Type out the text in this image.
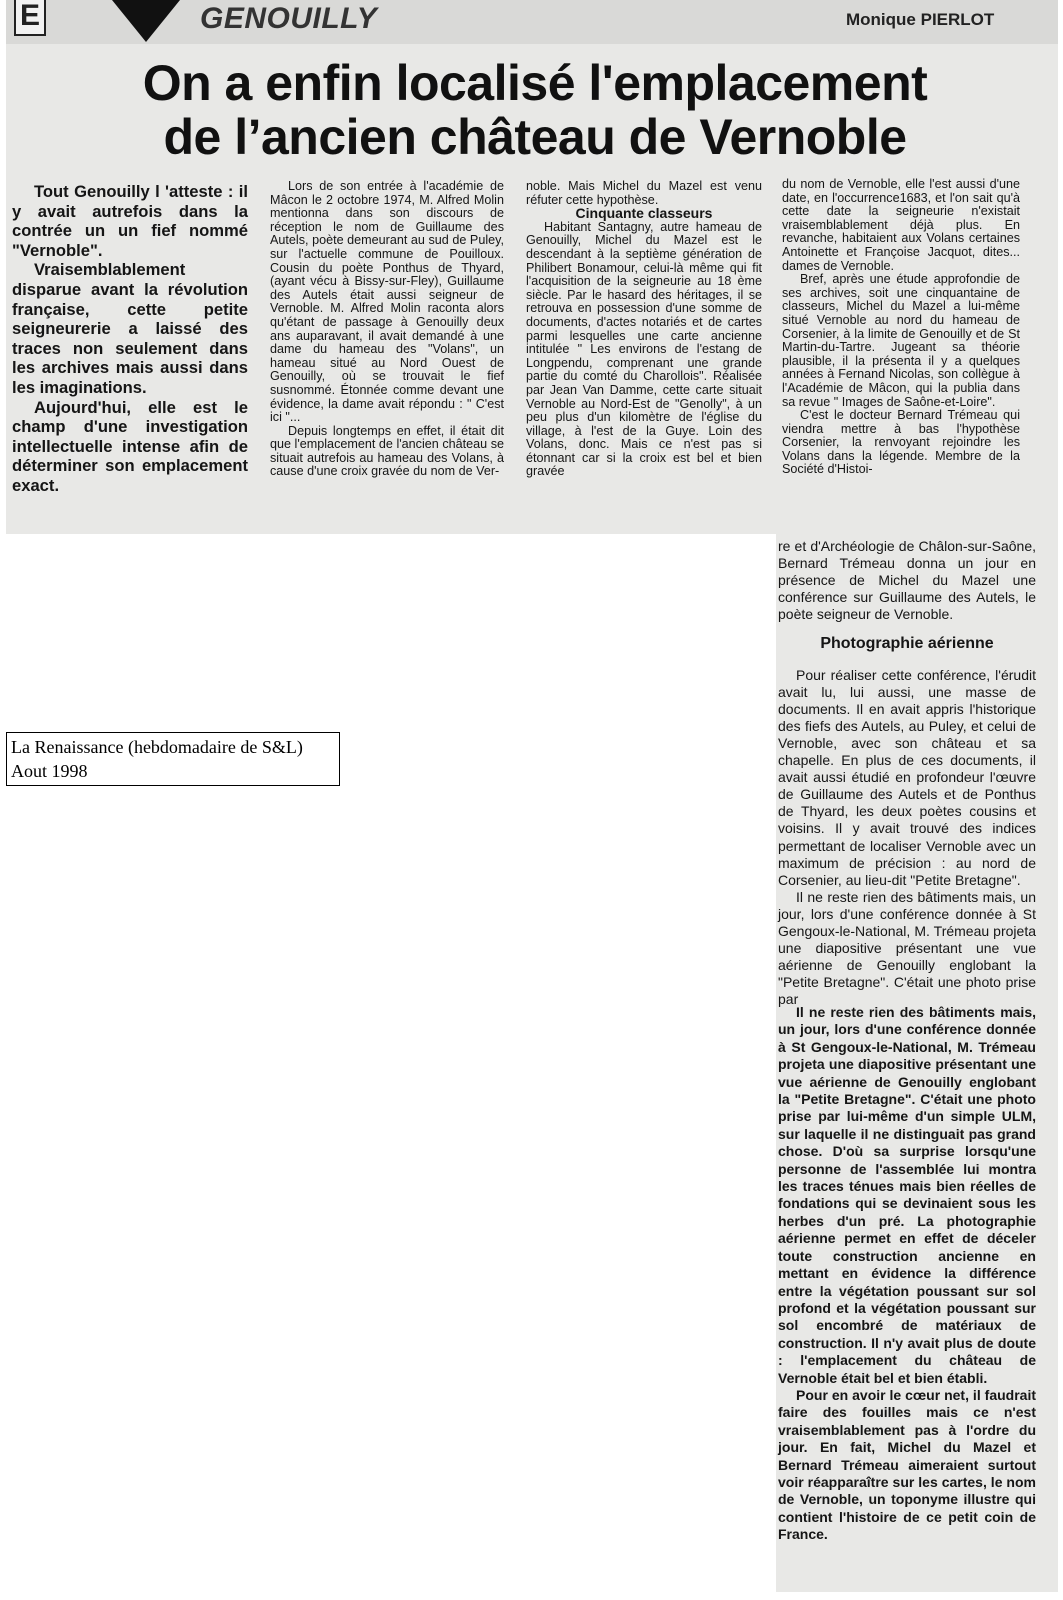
E	GENOUILLY	Monique PIERLOT
On a enfin localisé l'emplacement
de l’ancien château de Vernoble

Tout Genouilly l 'atteste : il y avait autrefois dans la contrée un un fief nommé "Vernoble".

Vraisemblablement disparue avant la révolution française, cette petite seigneurerie a laissé des traces non seulement dans les archives mais aussi dans les imaginations.

Aujourd'hui, elle est le champ d'une investigation intellectuelle intense afin de déterminer son emplacement exact.

Lors de son entrée à l'académie de Mâcon le 2 octobre 1974, M. Alfred Molin mentionna dans son discours de réception le nom de Guillaume des Autels, poète demeurant au sud de Puley, sur l'actuelle commune de Pouilloux. Cousin du poète Ponthus de Thyard, (ayant vécu à Bissy-sur-Fley), Guillaume des Autels était aussi seigneur de Vernoble. M. Alfred Molin raconta alors qu'étant de passage à Genouilly deux ans auparavant, il avait demandé à une dame du hameau des "Volans", un hameau situé au Nord Ouest de Genouilly, où se trouvait le fief susnommé. Étonnée comme devant une évidence, la dame avait répondu : " C'est ici "...

Depuis longtemps en effet, il était dit que l'emplacement de l'ancien château se situait autrefois au hameau des Volans, à cause d'une croix gravée du nom de Ver-

noble. Mais Michel du Mazel est venu réfuter cette hypothèse.

Cinquante classeurs

Habitant Santagny, autre hameau de Genouilly, Michel du Mazel est le descendant à la septième génération de Philibert Bonamour, celui-là même qui fit l'acquisition de la seigneurie au 18 ème siècle. Par le hasard des héritages, il se retrouva en possession d'une somme de documents, d'actes notariés et de cartes parmi lesquelles une carte ancienne intitulée " Les environs de l'estang de Longpendu, comprenant une grande partie du comté du Charollois". Réalisée par Jean Van Damme, cette carte situait Vernoble au Nord-Est de "Genolly", à un peu plus d'un kilomètre de l'église du village, à l'est de la Guye. Loin des Volans, donc. Mais ce n'est pas si étonnant car si la croix est bel et bien gravée

du nom de Vernoble, elle l'est aussi d'une date, en l'occurrence1683, et l'on sait qu'à cette date la seigneurie n'existait vraisemblablement déjà plus. En revanche, habitaient aux Volans certaines Antoinette et Françoise Jacquot, dites... dames de Vernoble.

Bref, après une étude approfondie de ses archives, soit une cinquantaine de classeurs, Michel du Mazel a lui-même situé Vernoble au nord du hameau de Corsenier, à la limite de Genouilly et de St Martin-du-Tartre. Jugeant sa théorie plausible, il la présenta il y a quelques années à Fernand Nicolas, son collègue à l'Académie de Mâcon, qui la publia dans sa revue " Images de Saône-et-Loire".

C'est le docteur Bernard Trémeau qui viendra mettre à bas l'hypothèse Corsenier, la renvoyant rejoindre les Volans dans la légende. Membre de la Société d'Histoi-

re et d'Archéologie de Châlon-sur-Saône, Bernard Trémeau donna un jour en présence de Michel du Mazel une conférence sur Guillaume des Autels, le poète seigneur de Vernoble.

Photographie aérienne

Pour réaliser cette conférence, l'érudit avait lu, lui aussi, une masse de documents. Il en avait appris l'historique des fiefs des Autels, au Puley, et celui de Vernoble, avec son château et sa chapelle. En plus de ces documents, il avait aussi étudié en profondeur l'œuvre de Guillaume des Autels et de Ponthus de Thyard, les deux poètes cousins et voisins. Il y avait trouvé des indices permettant de localiser Vernoble avec un maximum de précision : au nord de Corsenier, au lieu-dit "Petite Bretagne".

Il ne reste rien des bâtiments mais, un jour, lors d'une conférence donnée à St Gengoux-le-National, M. Trémeau projeta une diapositive présentant une vue aérienne de Genouilly englobant la "Petite Bretagne". C'était une photo prise par

Il ne reste rien des bâtiments mais, un jour, lors d'une conférence donnée à St Gengoux-le-National, M. Trémeau projeta une diapositive présentant une vue aérienne de Genouilly englobant la "Petite Bretagne". C'était une photo prise par lui-même d'un simple ULM, sur laquelle il ne distinguait pas grand chose. D'où sa surprise lorsqu'une personne de l'assemblée lui montra les traces ténues mais bien réelles de fondations qui se devinaient sous les herbes d'un pré. La photographie aérienne permet en effet de déceler toute construction ancienne en mettant en évidence la différence entre la végétation poussant sur sol profond et la végétation poussant sur sol encombré de matériaux de construction. Il n'y avait plus de doute : l'emplacement du château de Vernoble était bel et bien établi.

Pour en avoir le cœur net, il faudrait faire des fouilles mais ce n'est vraisemblablement pas à l'ordre du jour. En fait, Michel du Mazel et Bernard Trémeau aimeraient surtout voir réapparaître sur les cartes, le nom de Vernoble, un toponyme illustre qui contient l'histoire de ce petit coin de France.

La Renaissance (hebdomadaire de S&L)
Aout 1998
